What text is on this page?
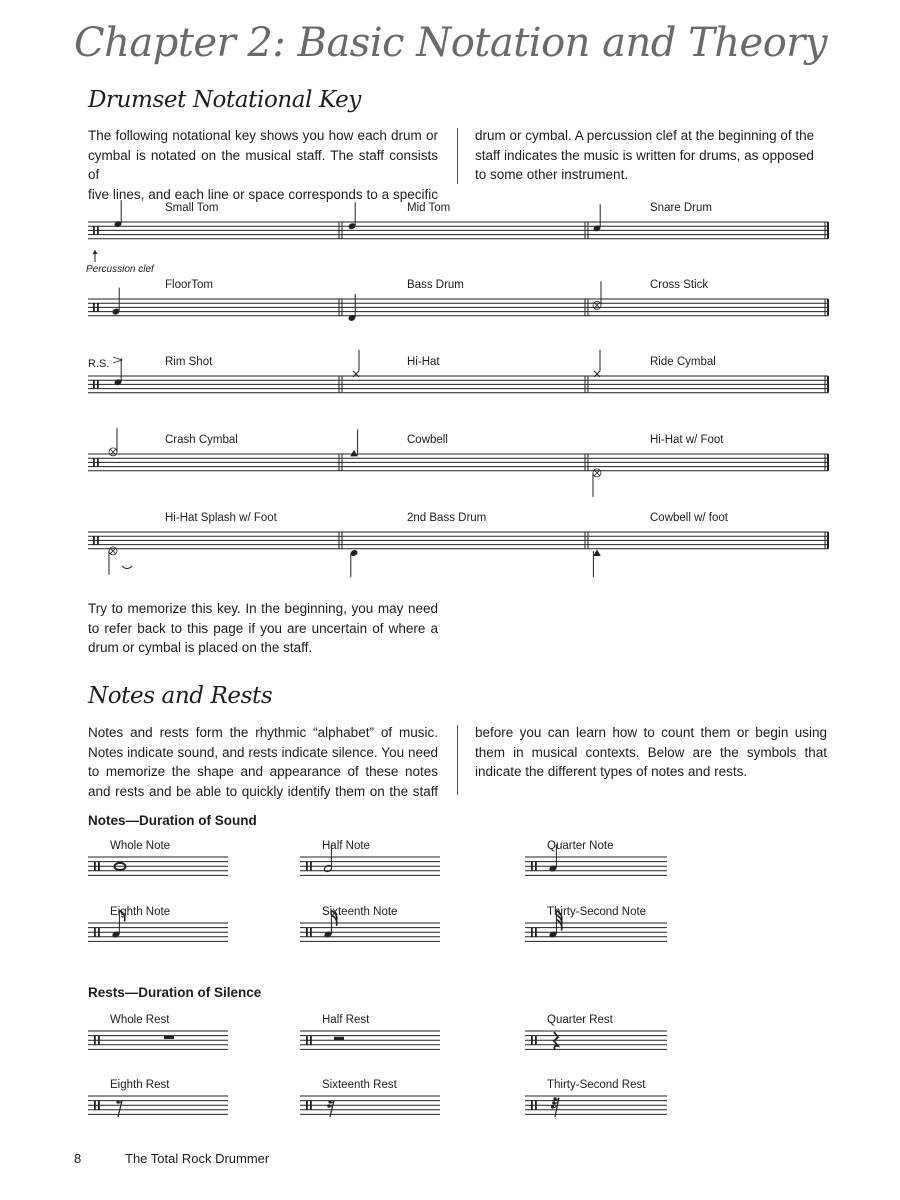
Chapter 2: Basic Notation and Theory
Drumset Notational Key
The following notational key shows you how each drum or
cymbal is notated on the musical staff. The staff consists of
five lines, and each line or space corresponds to a specific
drum or cymbal. A percussion clef at the beginning of the
staff indicates the music is written for drums, as opposed
to some other instrument.
Small Tom	Mid Tom	Snare Drum
FloorTom	Bass Drum	Cross Stick
Rim Shot	Hi-Hat	Ride Cymbal
Crash Cymbal	Cowbell	Hi-Hat w/ Foot
Hi-Hat Splash w/ Foot	2nd Bass Drum	Cowbell w/ foot
Percussion clef
R.S.
Try to memorize this key. In the beginning, you may need
to refer back to this page if you are uncertain of where a
drum or cymbal is placed on the staff.
Notes and Rests
Notes and rests form the rhythmic “alphabet” of music.
Notes indicate sound, and rests indicate silence. You need
to memorize the shape and appearance of these notes
and rests and be able to quickly identify them on the staff
before you can learn how to count them or begin using
them in musical contexts. Below are the symbols that
indicate the different types of notes and rests.
Notes—Duration of Sound
Rests—Duration of Silence
Whole Note	Half Note	Quarter Note
Eighth Note	Sixteenth Note	Thirty-Second Note
Whole Rest	Half Rest	Quarter Rest
Eighth Rest	Sixteenth Rest	Thirty-Second Rest
8	The Total Rock Drummer
